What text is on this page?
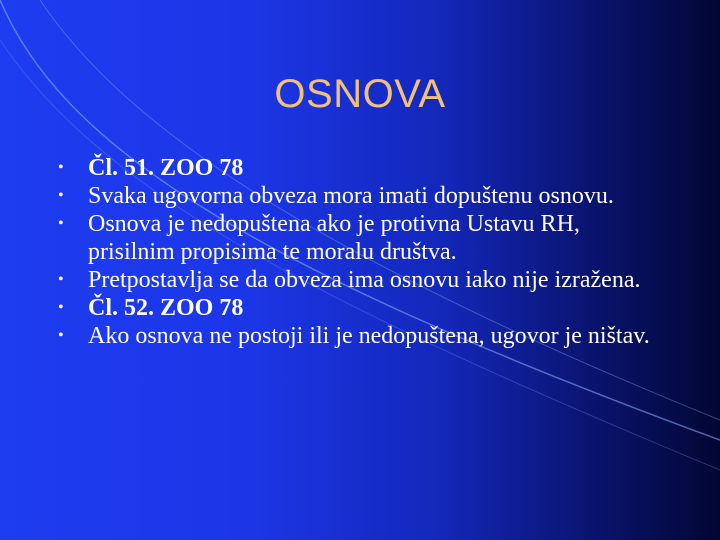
OSNOVA
• Čl. 51. ZOO 78
• Svaka ugovorna obveza mora imati dopuštenu osnovu.
• Osnova je nedopuštena ako je protivna Ustavu RH, prisilnim propisima te moralu društva.
• Pretpostavlja se da obveza ima osnovu iako nije izražena.
• Čl. 52. ZOO 78
• Ako osnova ne postoji ili je nedopuštena, ugovor je ništav.
